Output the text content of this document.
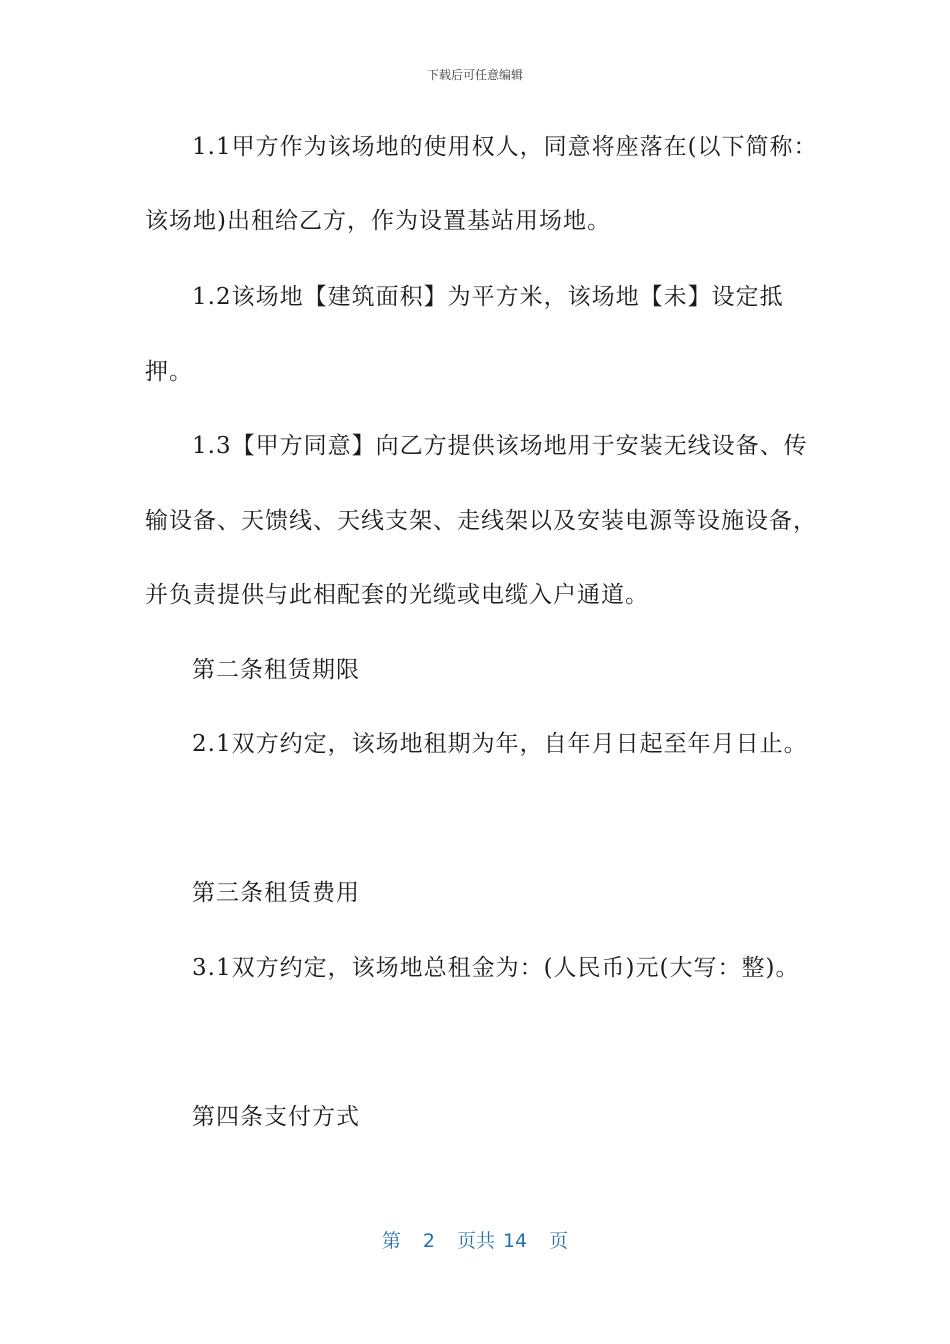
下载后可任意编辑
1.1甲方作为该场地的使用权人，同意将座落在(以下简称：
该场地)出租给乙方，作为设置基站用场地。
1.2该场地【建筑面积】为平方米，该场地【未】设定抵
押。
1.3【甲方同意】向乙方提供该场地用于安装无线设备、传
输设备、天馈线、天线支架、走线架以及安装电源等设施设备，
并负责提供与此相配套的光缆或电缆入户通道。
第二条租赁期限
2.1双方约定，该场地租期为年，自年月日起至年月日止。
第三条租赁费用
3.1双方约定，该场地总租金为：(人民币)元(大写：整)。
第四条支付方式
第 2 页共 14 页
